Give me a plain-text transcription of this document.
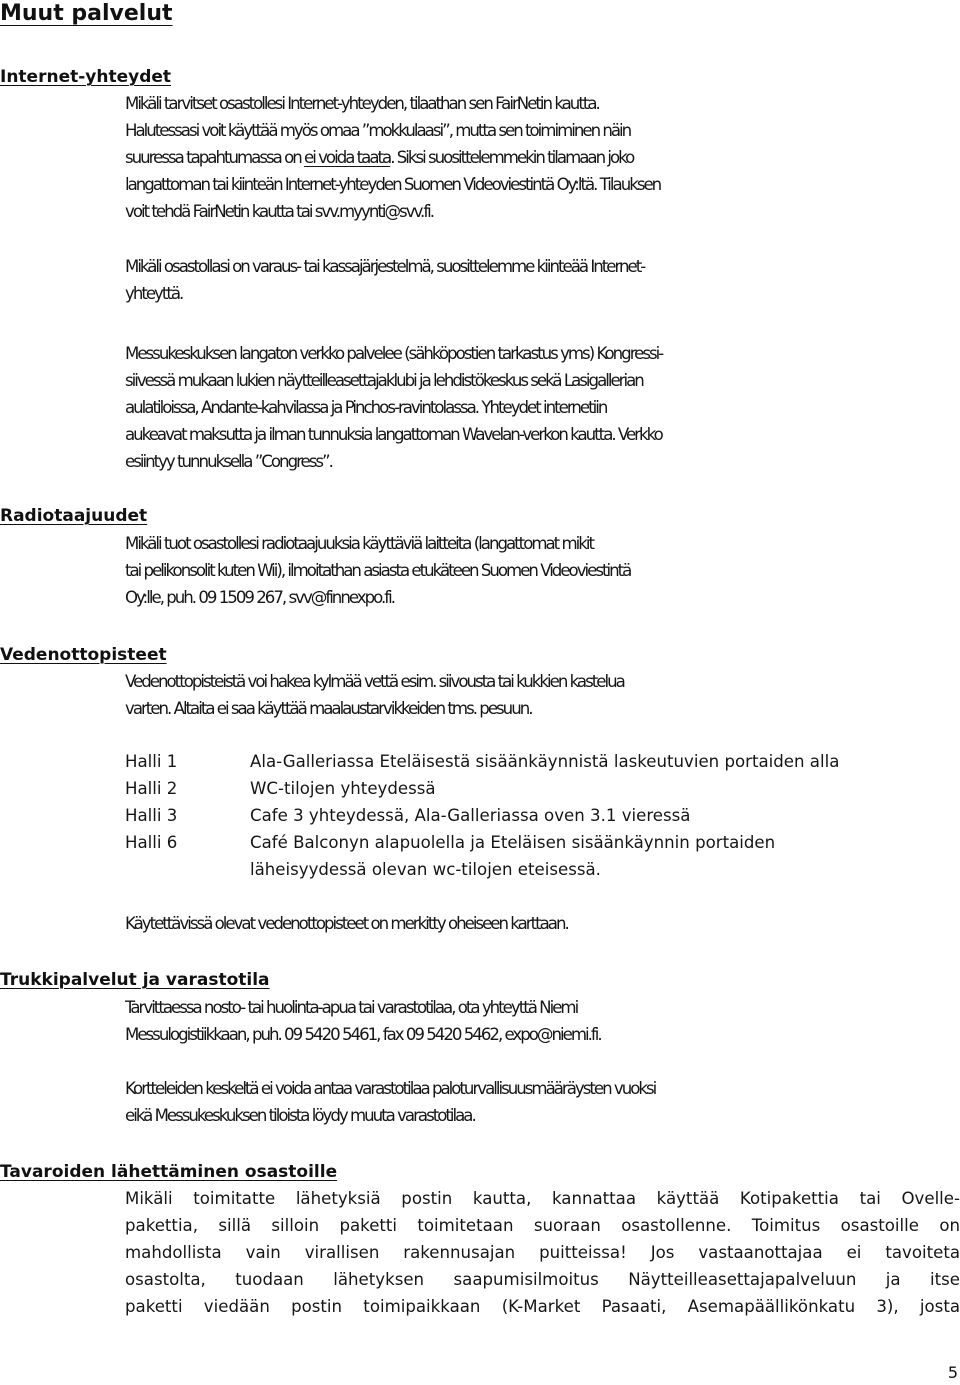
Muut palvelut
Internet-yhteydet
Mikäli tarvitset osastollesi Internet-yhteyden, tilaathan sen FairNetin kautta.
Halutessasi voit käyttää myös omaa ”mokkulaasi”, mutta sen toimiminen näin
suuressa tapahtumassa on ei voida taata. Siksi suosittelemmekin tilamaan joko
langattoman tai kiinteän Internet-yhteyden Suomen Videoviestintä Oy:ltä. Tilauksen
voit tehdä FairNetin kautta tai svv.myynti@svv.fi.
Mikäli osastollasi on varaus- tai kassajärjestelmä, suosittelemme kiinteää Internet-
yhteyttä.
Messukeskuksen langaton verkko palvelee (sähköpostien tarkastus yms) Kongressi-
siivessä mukaan lukien näytteilleasettajaklubi ja lehdistökeskus sekä Lasigallerian
aulatiloissa, Andante-kahvilassa ja Pinchos-ravintolassa. Yhteydet internetiin
aukeavat maksutta ja ilman tunnuksia langattoman Wavelan-verkon kautta. Verkko
esiintyy tunnuksella ”Congress”.
Radiotaajuudet
Mikäli tuot osastollesi radiotaajuuksia käyttäviä laitteita (langattomat mikit
tai pelikonsolit kuten Wii), ilmoitathan asiasta etukäteen Suomen Videoviestintä
Oy:lle, puh. 09 1509 267, svv@finnexpo.fi.
Vedenottopisteet
Vedenottopisteistä voi hakea kylmää vettä esim. siivousta tai kukkien kastelua
varten. Altaita ei saa käyttää maalaustarvikkeiden tms. pesuun.
Halli 1	Ala-Galleriassa Eteläisestä sisäänkäynnistä laskeutuvien portaiden alla
Halli 2	WC-tilojen yhteydessä
Halli 3	Cafe 3 yhteydessä, Ala-Galleriassa oven 3.1 vieressä
Halli 6	Café Balconyn alapuolella ja Eteläisen sisäänkäynnin portaiden
läheisyydessä olevan wc-tilojen eteisessä.
Käytettävissä olevat vedenottopisteet on merkitty oheiseen karttaan.
Trukkipalvelut ja varastotila
Tarvittaessa nosto- tai huolinta-apua tai varastotilaa, ota yhteyttä Niemi
Messulogistiikkaan, puh. 09 5420 5461, fax 09 5420 5462, expo@niemi.fi.
Kortteleiden keskeltä ei voida antaa varastotilaa paloturvallisuusmääräysten vuoksi
eikä Messukeskuksen tiloista löydy muuta varastotilaa.
Tavaroiden lähettäminen osastoille
Mikäli toimitatte lähetyksiä postin kautta, kannattaa käyttää Kotipakettia tai Ovelle-
pakettia, sillä silloin paketti toimitetaan suoraan osastollenne. Toimitus osastoille on
mahdollista vain virallisen rakennusajan puitteissa! Jos vastaanottajaa ei tavoiteta
osastolta, tuodaan lähetyksen saapumisilmoitus Näytteilleasettajapalveluun ja itse
paketti viedään postin toimipaikkaan (K-Market Pasaati, Asemapäällikönkatu 3), josta
5
